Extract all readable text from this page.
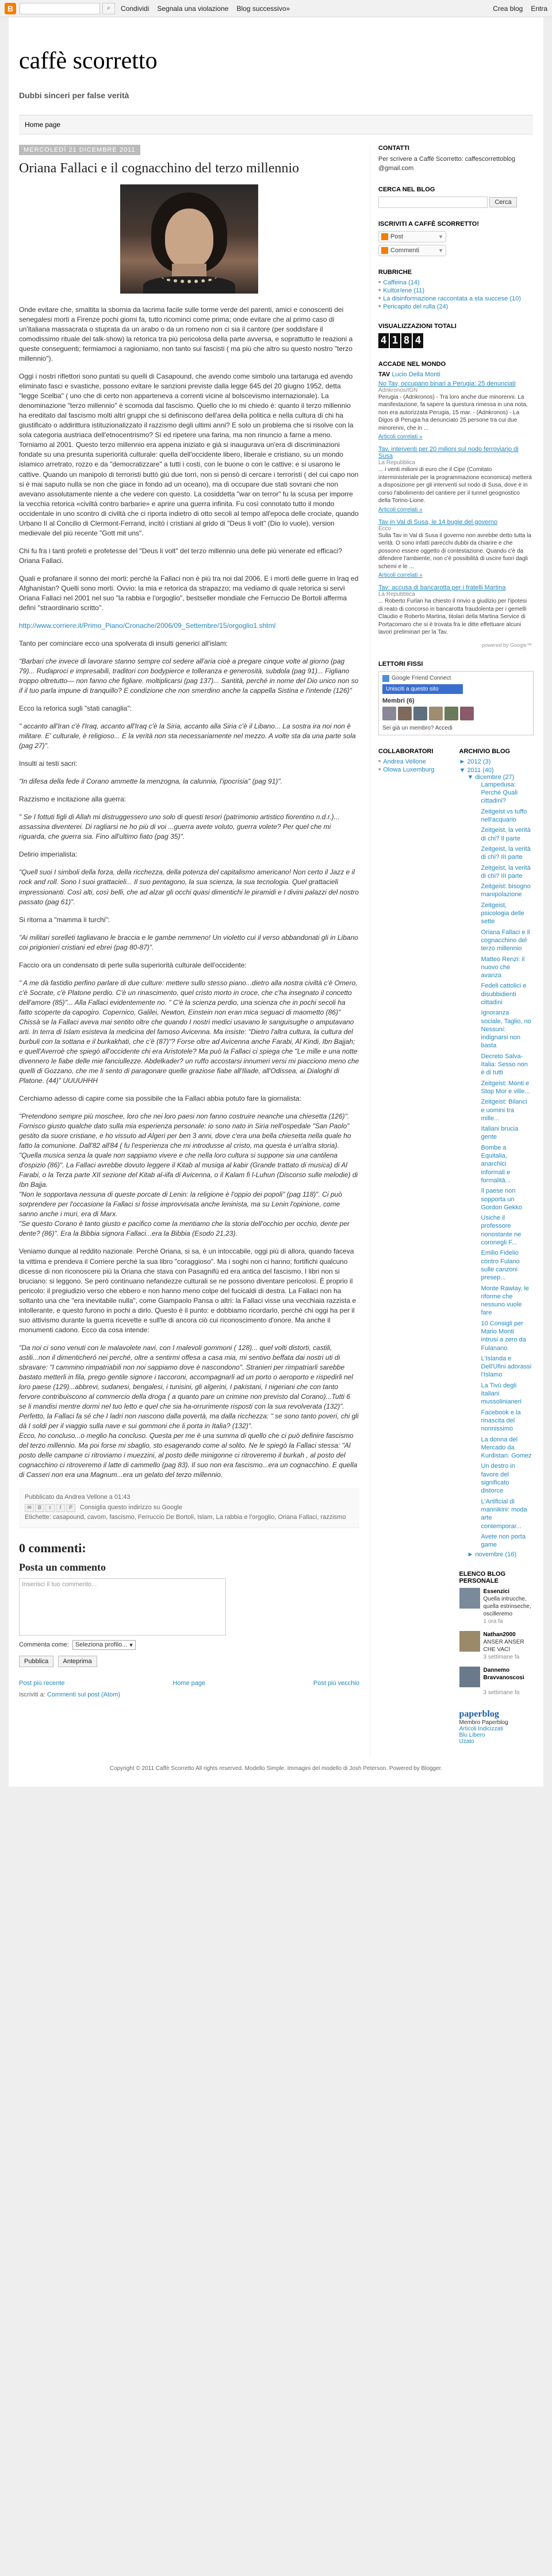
B	⌕	Condividi Segnala una violazione Blog successivo»	Crea blog Entra
caffè scorretto
Dubbi sinceri per false verità
Home page
MERCOLEDÌ 21 DICEMBRE 2011
Oriana Fallaci e il cognacchino del terzo millennio

Onde evitare che, smaltita la sbornia da lacrima facile sulle torme verde del parenti, amici e conoscenti dei senegalesi morti a Firenze pochi giorni fa, tutto ricominci come prima; onde evitare che al primo caso di un'italiana massacrata o stuprata da un arabo o da un romeno non ci sia il cantore (per soddisfare il comodissimo rituale del talk-show) la retorica tra più pericolosa della parte avversa, e soprattutto le reazioni a queste conseguenti; fermiamoci a ragioniamo, non tanto sui fascisti ( ma più che altro su questo nostro "terzo millennio").

Oggi i nostri riflettori sono puntati su quelli di Casapound, che avendo come simbolo una tartaruga ed avendo eliminato fasci e svastiche, possono evitare le sanzioni previste dalla legge 645 del 20 giugno 1952, detta "legge Scelba" ( uno che di certo non apparteneva a correnti vicine al bolscevismo internazionale). La denominazione "terzo millennio" è scomoda dal fascismo. Quello che io mi chiedo è: quanto il terzo millennio ha ereditato dal fascismo molti altri gruppi che si definiscono dell'area della politica e nella cultura di chi ha giustificato o addirittura istituzionalizzato il razzismo degli ultimi anni? E solo un problema che si risolve con la sola categoria austriaca dell'etnocentrismo? Sì ed ripetere una farina, ma non rinuncio a farne a meno. Torniamo al 2001. Questo terzo millennio era appena iniziato e già si inaugurava un'era di discriminazioni fondate su una presunta superiorità culturale: quella dell'occidente libero, liberale e cristiano, su un mondo islamico arretrato, rozzo e da "democratizzare" a tutti i costi, con le buone o con le cattive: e si usarono le cattive. Quando un manipolo di terroristi buttò giù due torri, non si pensò di cercare i terroristi ( del cui capo non si è mai saputo nulla se non che giace in fondo ad un oceano), ma di occupare due stati sovrani che non avevano assolutamente niente a che vedere con questo. La cosiddetta "war on terror" fu la scusa per imporre la vecchia retorica «civiltà contro barbarie» e aprire una guerra infinita. Fu così connotato tutto il mondo occidentale in uno scontro di civiltà che ci riporta indietro di otto secoli al tempo all'epoca delle crociate, quando Urbano II al Concilio di Clermont-Ferrand, incitò i cristiani al grido di "Deus li volt" (Dio lo vuole), version medievale del più recente "Gott mit uns".

Chi fu fra i tanti profeti e profetesse del "Deus li volt" del terzo millennio una delle più venerate ed efficaci? Oriana Fallaci.

Quali e profanare il sonno dei morti: perché la Fallaci non è più tra noi dal 2006. E i morti delle guerre in Iraq ed Afghanistan? Quelli sono morti. Ovvio: la mia e retorica da strapazzo; ma vediamo di quale retorica si servì Oriana Fallaci nel 2001 nel suo "la rabbia e l'orgoglio", bestseller mondiale che Ferruccio De Bortoli afferma definì "straordinario scritto".

http://www.corriere.it/Primo_Piano/Cronache/2006/09_Settembre/15/orgoglio1.shtml

Tanto per cominciare ecco una spolverata di insulti generici all'islam:

"Barbari che invece di lavorare stanno sempre col sedere all'aria cioè a pregare cinque volte al giorno (pag 79)... Rudaproci e impresabili, traditori con bodypierce e tolleranza e generosità, subdola (pag 91)... Figliano troppo oltretutto— non fanno che figliare. moltiplicarsi (pag 137)... Santità, perché in nome del Dio unico non so if il tuo parla impune di tranquillo? E condizione che non smerdino anche la cappella Sistina e l'intende (126)"

Ecco la retorica sugli "stati canaglia":

" accanto all'Iran c'è l'Iraq, accanto all'Iraq c'è la Siria, accanto alla Siria c'è il Libano... La sostra ira noi non è militare. E' culturale, è religioso... E la verità non sta necessariamente nel mezzo. A volte sta da una parte sola (pag 27)".

Insulti ai testi sacri:

"In difesa della fede il Corano ammette la menzogna, la calunnia, l'ipocrisia" (pag 91)".

Razzismo e incitazione alla guerra:

" Se I fottuti figli di Allah mi distruggessero uno solo di questi tesori (patrimonio artistico fiorentino n.d.r.)... assassina diventerei. Di ragliarsi ne ho più di voi ...guerra avete voluto, guerra volete? Per quel che mi riguarda, che guerra sia. Fino all'ultimo fiato (pag 35)".

Delirio imperialista:

"Quell suoi I simboli della forza, della ricchezza, della potenza del capitalismo americano! Non certo il Jazz e il rock and roll. Sono I suoi grattacieli... Il suo pentagono, la sua scienza, la sua tecnologia. Quel grattacieli impressionanti. Così alti, così belli, che ad alzar gli occhi quasi dimentichi le piramidi e I divini palazzi del nostro passato (pag 61)".

Si ritorna a "mamma li turchi":

"Ai militari sorelleti tagliavano le braccia e le gambe nemmeno! Un violetto cui il verso abbandonati gli in Libano coi prigionieri cristiani ed ebrei (pag 80-87)".

Faccio ora un condensato di perle sulla superiorità culturale dell'occidente:

" A me dà fastidio perfino parlare di due culture: mettere sullo stesso piano...dietro alla nostra civiltà c'è Omero, c'è Socrate, c'è Platone perdio. C'è un rinascimento, quel cristo morto in croce, che c'ha insegnato il concetto dell'amore (85)"... Alla Fallaci evidentemente no. " C'è la scienza perdio, una scienza che in pochi secoli ha fatto scoperte da capogiro. Copernico, Galilei, Newton, Einstein non eran mica seguaci di maometto (86)" Chissà se la Fallaci aveva mai sentito oltre che quando I nostri medici usavano le sanguisughe o amputavano arti. In terra di Islam esisteva la medicina del famoso Avicenna. Ma insiste: "Dietro l'altra cultura, la cultura del burbuli con la sottana e il burkakhati, che c'è (87)"? Forse oltre ad Avicenna anche Farabi, Al Kindi, Ibn Bajjah; e quell'Averroè che spiegò all'occidente chi era Aristotele? Ma può la Fallaci ci spiega che "Le mille e una notte divennero le fiabe delle mie fanciullezze. Abdelkader? un ruffo accostarsi innumeri versi mi piacciono meno che quelli di Gozzano, che me li sento di paragonare quelle graziose fiabe all'Iliade, all'Odissea, ai Dialoghi di Platone. (44)" UUUUHHH

Cerchiamo adesso di capire come sia possibile che la Fallaci abbia potuto fare la giornalista:

"Pretendono sempre più moschee, loro che nei loro paesi non fanno costruire neanche una chiesetta (126)". Fornisco giusto qualche dato sulla mia esperienza personale: io sono nato in Siria nell'ospedale "San Paolo" gestito da suore cristiane, e ho vissuto ad Algeri per ben 3 anni, dove c'era una bella chiesetta nella quale ho fatto la comunione. Dall'82 all'84 ( fu l'esperienza che mi introdusse al cristo, ma questa è un'altra storia).
"Quella musica senza la quale non sappiamo vivere e che nella loro cultura si suppone sia una cantilena d'ospizio (86)". La Fallaci avrebbe dovuto leggere il Kitab al musiqa al kabir (Grande trattato di musica) di Al Farabi, o la Terza parte XII sezione del Kitab al-iifa di Avicenna, o il Kalam fi l-Luhun (Discorso sulle melodie) di Ibn Bajja.
"Non le sopportava nessuna di queste porcate di Lenin: la religione è l'oppio dei popoli" (pag 118)". Ci può sorprendere per l'occasione la Fallaci si fosse improvvisata anche leninista, ma su Lenin l'opinione, come sanno anche i muri, era di Marx.
"Se questo Corano è tanto giusto e pacifico come la mentiamo che la storia dell'occhio per occhio, dente per dente? (86)". Era la Bibbia signora Fallaci...era la Bibbia (Esodo 21,23).

Veniamo dunque al reddito nazionale. Perché Oriana, si sa, è un intoccabile, oggi più di allora, quando faceva la vittima e prendeva il Corriere perché la sua libro "coraggioso". Ma i soghi non ci hanno; fortifichi qualcuno dicesse di non riconoscere più la Oriana che stava con Pasagnifù ed era antica del fascismo. I libri non si bruciano: si leggono. Se però continuano nefandezze culturali se ne possono diventare pericolosi. È proprio il pericolo: il pregiudizio verso che ebbero e non hanno meno colpe del fucicaldi di destra. La Fallaci non ha soltanto una che "era inevitabile nulla", come Giampaolo Pansa o altri: la Fallaci visse una vecchiaia razzista e intollerante, e questo furono in pochi a dirlo. Questo è il punto: e dobbiamo ricordarlo, perché chi oggi ha per il suo attivismo durante la guerra ricevette e sull'le di ancora ciò cui riconoscimento d'onore. Ma anche il monumenti cadono. Ecco da cosa intende:

"Da noi ci sono venuti con le malavolete navi, con I malevoli gommoni ( 128)... quel volti distorti, castili, astili...non il dimenticheró nei perché, oltre a sentirmi offesa a casa mia, mi sentivo beffata dai nostri uti di sbravare: "I cammino rimpatriabili non noi sappiamo dove è nascondono". Stranieri per rimpatriarli sarebbe bastato metterli in fila, prego gentile signore i taccoroni, accompagnarli ad un porto o aeroporto e rispedirli nel loro paese (129)...abbrevi, sudanesi, bengalesi, i tunisini, gli algerini, I pakistani, I nigeriani che con tanto fervore contribuiscono al commercio della droga ( a quanto pare un crimine non previsto dal Corano)...Tutti 6 se li mandisi mentre dormi nel tuo letto e quel che sia ha-orrurimente risposti con la sua revolverata (132)".
Perfetto, la Fallaci fa sé che I ladri non nascono dalla povertà, ma dalla ricchezza: " se sono tanto poveri, chi gli dà I soldi per il viaggio sulla nave e sui gommoni che li porta in Italia? (132)".
Ecco, ho concluso...o meglio ha concluso. Questa per me è una summa di quello che ci può definire fascismo del terzo millennio. Ma poi forse mi sbaglio, sto esagerando come al solito. Ne le spiegò la Fallaci stessa: "Al posto delle campane ci ritroviamo i muezzini, al posto delle minigonne ci ritroveremo il burkah , al posto del cognacchino ci ritroveremo il latte di cammello (pag 83). Il suo non era fascismo...era un cognacchino. E quella di Casseri non era una Magnum...era un gelato del terzo millennio.

Pubblicato da Andrea Vellone a 01:43
✉	B	t	f	P	Consiglia questo indirizzo su Google
Etichette: casapound, cavom, fascismo, Ferruccio De Bortoli, Islam, La rabbia e l'orgoglio, Oriana Fallaci, razzismo
0 commenti:
Posta un commento
Inserisci il tuo commento...
Commenta come: Seleziona profilo... ▾
Pubblica Anteprima
Post più recente	Home page	Post più vecchio
Iscriviti a: Commenti sul post (Atom)
CONTATTI

Per scrivere a Caffè Scorretto: caffescorrettoblog @gmail.com

CERCA NEL BLOG
Cerca
ISCRIVITI A CAFFÈ SCORRETTO!
Post	▼
Commenti	▼
RUBRICHE
■ Caffeina (14)
■ Kultùr/ene (11)
■ La disinformazione raccontata a sta succese (10)
■ Pericapito del rulla (24)
VISUALIZZAZIONI TOTALI
4 1 8 4
ACCADE NEL MONDO
TAV Lucio Della Monti
No Tav, occupano binari a Perugia: 25 denunciati
Adnkronos/IGN
Perugia - (Adnkronos) - Tra loro anche due minorenni. La manifestazione, fa sapere la questura rimessa in una nota, non era autorizzata Perugia, 15 mar. - (Adnkronos) - La Digos di Perugia ha denunciato 25 persone tra cui due minorenni, che in ...
Articoli correlati »
Tav, interventi per 20 milioni sul nodo ferroviario di Susa
La Repubblica
... i venti milioni di euro che il Cipe (Comitato interministeriale per la programmazione economica) metterà a disposizione per gli interventi sul nodo di Susa, dove è in corso l'abolimento del cantiere per il tunnel geognostico della Torino-Lione.
Articoli correlati »
Tav in Val di Susa, le 14 bugie del governo
Ecco
Sulla Tav in Val di Susa il governo non avrebbe detto tutta la verità. O sono infatti parecchi dubbi da chiarire e che possono essere oggetto di contestazione. Quando c'è da difendere l'ambiente, non c'è possibilità di uscire fuori dagli schemi e le ...
Articoli correlati »
Tav: accusa di bancarotta per i fratelli Martina
La Repubblica
... Roberto Furlan ha chiesto il rinvio a giudizio per l'ipotesi di reato di concorso in bancarotta fraudolenta per i gemelli Claudio e Roberto Martina, titolari della Martina Service di Portacomaro che si è trovata fra le ditte effettuare alcuni lavori preliminari per la Tav.
powered by Google™
LETTORI FISSI
Google Friend Connect
Unisciti a questo sito
Membri (6)
Sei già un membro? Accedi
COLLABORATORI
■ Andrea Vellone
■ Olowa Luxemburg
ARCHIVIO BLOG
► 2012 (3)
▼ 2011 (40)
▼ dicembre (27)
Lampedusa: Perché Quali cittadini?
Zeitgeist vs tuffo nell'acquario
Zeitgeist, la verità di chi? Il parte
Zeitgeist, la verità di chi? III parte
Zeitgeist, la verità di chi? III parte
Zeitgeist: bisogno manipolazione
Zeitgeist, psicologia delle sette
Oriana Fallaci e il cognacchino del terzo millennio
Matteo Renzi: il nuovo che avanza
Fedeli cattolici e disubbidienti cittadini
Ignoranza sociale, Taglio, no Nessuni: indignarsi non basta
Decreto Salva-Italia: Sesso non è di tutti
Zeitgeist: Monti e Stop Mor e ville...
Zeitgeist: Bilanci e uomini tra mille...
Italiani brucia gente
Bombe a Equitalia, anarchici informali e formalità...
Il paese non sopporta un Gordon Gekko
Usiche il professore nonostante ne coronegli F...
Emilio Fidelio contro Fulano sulle canzoni presep...
Monte Rawlay, le riforme che nessuno vuole fare
10 Consigli per Mario Monti intrusi a zero da Fulanano
L'Islanda e Dell'Ufini adorassi l'Islamo
La Tivù degli Italiani mussolinianeri
Facebook e la rinascita del nonnissimo
La donna del Mercado da Kurdistan: Gomez
Un destro in favore del significato distorce
L'Artificial di mannikini: moda arte contemporar...
Avete non porta game
► novembre (16)
ELENCO BLOG PERSONALE
Essenzici
Quella intrucche, quella estrinseche, oscilleremo
1 ora fa
Nathan2000
ANSER ANSER CHE VACI
3 settimane fa
Dannemo Bravvanoscosi

3 settimane fa
paperblog
Membro Paperblog
Articoli Indicizzati
Blu Libero
Uzato
Copyright © 2011 Caffè Scorretto All rights reserved. Modello Simple. Immagini del modello di Josh Peterson. Powered by Blogger.
